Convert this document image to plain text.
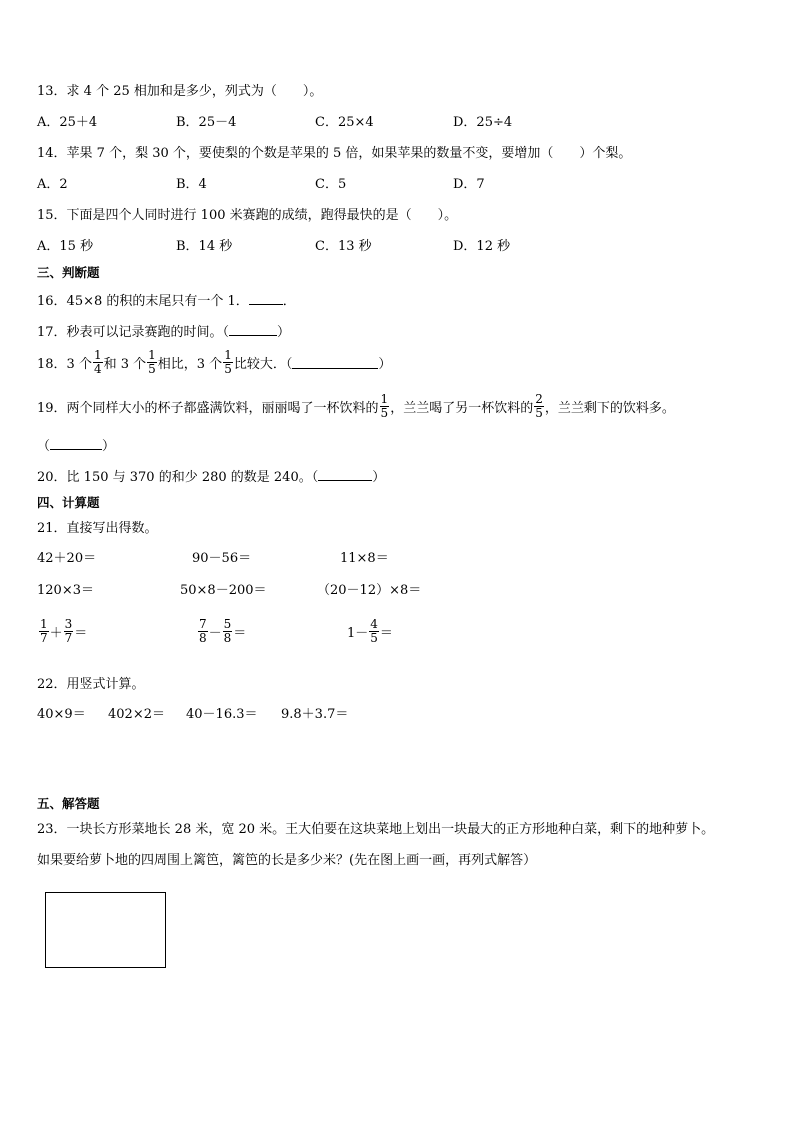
13．求 4 个 25 相加和是多少，列式为（　　）。
A．25＋4	B．25－4	C．25×4	D．25÷4
14．苹果 7 个，梨 30 个，要使梨的个数是苹果的 5 倍，如果苹果的数量不变，要增加（　　）个梨。
A．2	B．4	C．5	D．7
15．下面是四个人同时进行 100 米赛跑的成绩，跑得最快的是（　　）。
A．15 秒	B．14 秒	C．13 秒	D．12 秒
三、判断题
16．45×8 的积的末尾只有一个 1．	．
17．秒表可以记录赛跑的时间。（	）
18．3 个 $\frac{1}{4}$ 和 3 个 $\frac{1}{5}$ 相比，3 个 $\frac{1}{5}$ 比较大．（	）
19．两个同样大小的杯子都盛满饮料，丽丽喝了一杯饮料的 $\frac{1}{5}$ ，兰兰喝了另一杯饮料的 $\frac{2}{5}$ ，兰兰剩下的饮料多。
（	）
20．比 150 与 370 的和少 280 的数是 240。（	）
四、计算题
21．直接写出得数。
42＋20＝	90－56＝	11×8＝
120×3＝	50×8－200＝	（20－12）×8＝
$\frac{1}{7} + \frac{3}{7}$ ＝	$\frac{7}{8} - \frac{5}{8}$ ＝	$1- \frac{4}{5}$ ＝
22．用竖式计算。
40×9＝ 402×2＝ 40－16.3＝ 9.8＋3.7＝
五、解答题
23．一块长方形菜地长 28 米，宽 20 米。王大伯要在这块菜地上划出一块最大的正方形地种白菜，剩下的地种萝卜。
如果要给萝卜地的四周围上篱笆，篱笆的长是多少米？(先在图上画一画，再列式解答）
